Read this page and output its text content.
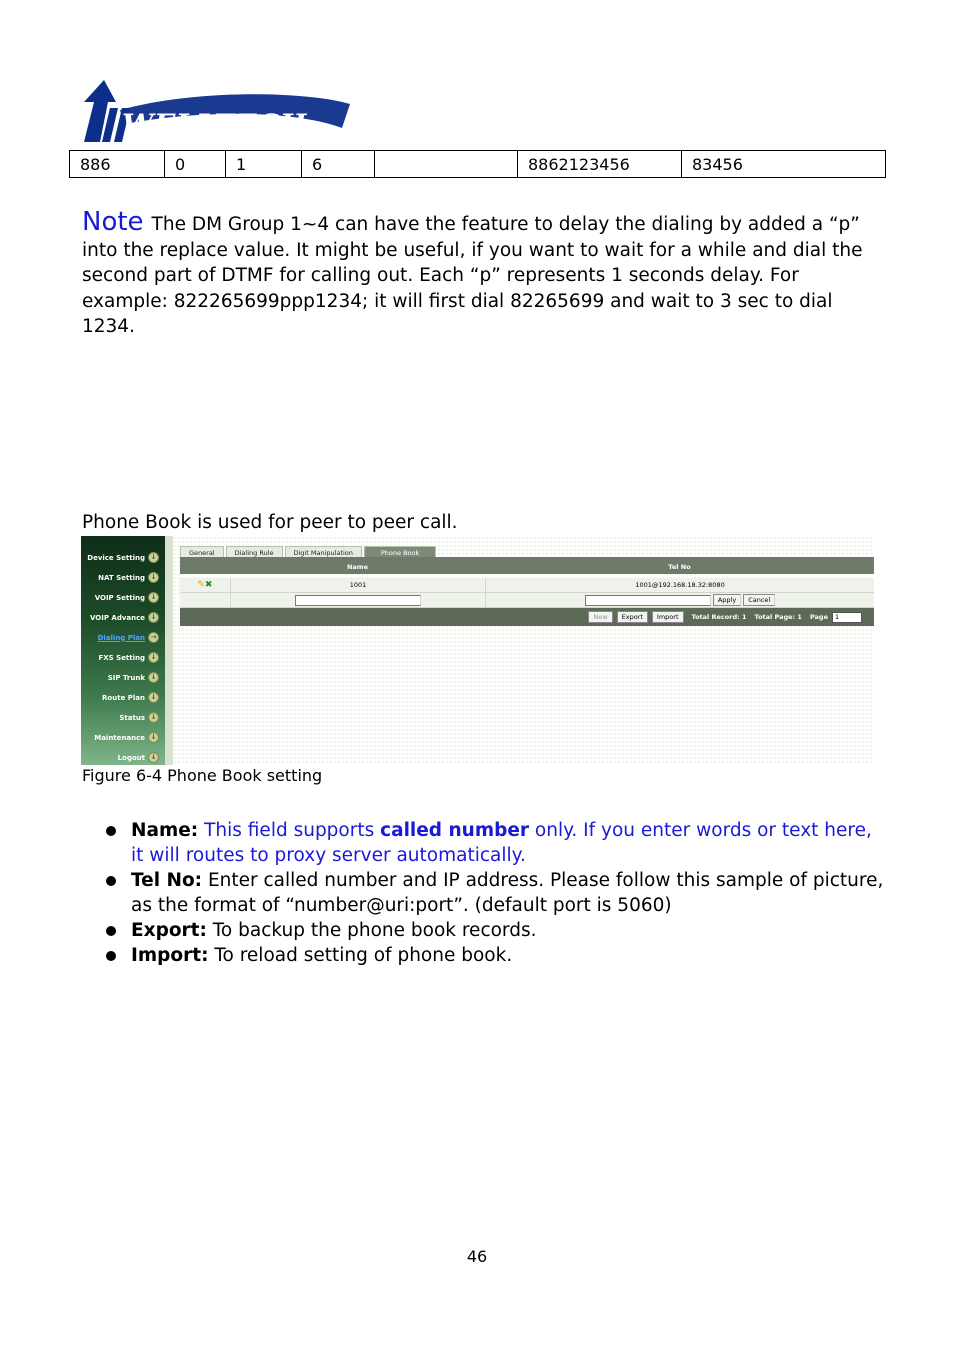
WELLTECH
886	0	1	6		8862123456	83456
Note The DM Group 1~4 can have the feature to delay the dialing by added a “p” into the replace value. It might be useful, if you want to wait for a while and dial the second part of DTMF for calling out. Each “p” represents 1 seconds delay. For example: 822265699ppp1234; it will first dial 82265699 and wait to 3 sec to dial 1234.
Phone Book is used for peer to peer call.
Device Setting ↓
NAT Setting ↓
VOIP Setting ↓
VOIP Advance ↓
Dialing Plan →
FXS Setting ↓
SIP Trunk ↓
Route Plan ↓
Status ↓
Maintenance ↓
Logout ↓
General	Dialing Rule	Digit Manipulation	Phone Book
Name	Tel No
✎ ✖	1001	1001@192.168.18.32:8080
Apply	Cancel
New	Export	Import	Total Record: 1 Total Page: 1 Page	1
Figure 6-4 Phone Book setting
Name: This field supports called number only. If you enter words or text here, it will routes to proxy server automatically.
Tel No: Enter called number and IP address. Please follow this sample of picture, as the format of “number@uri:port”. (default port is 5060)
Export: To backup the phone book records.
Import: To reload setting of phone book.
46
